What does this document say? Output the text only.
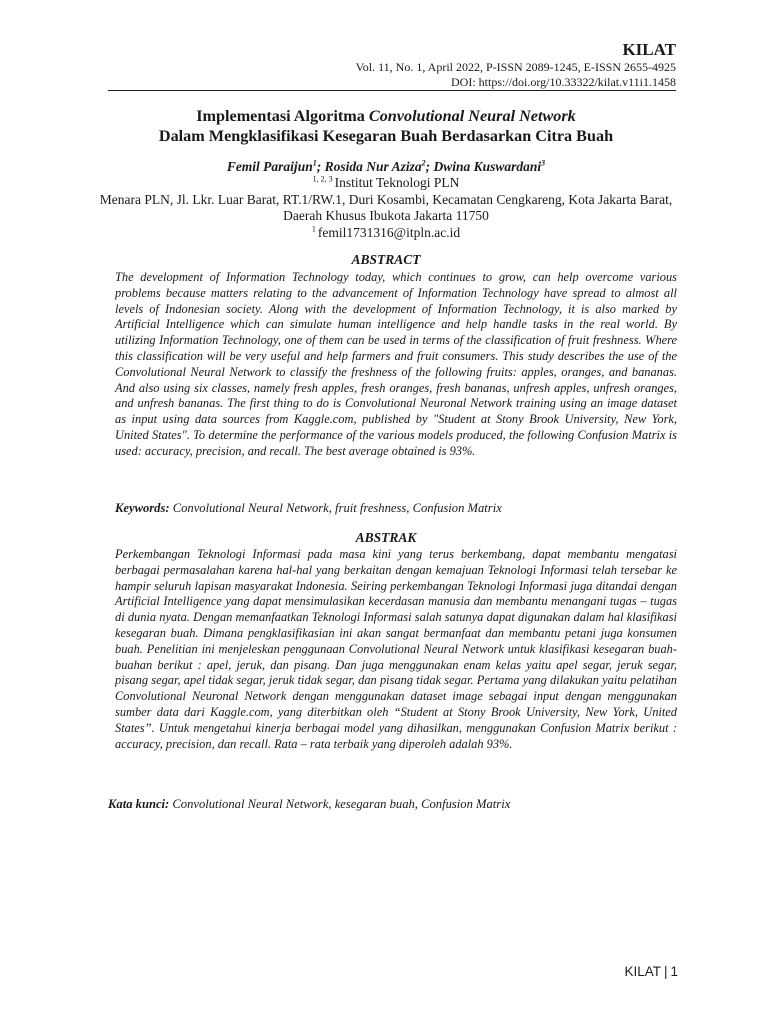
KILAT
Vol. 11, No. 1, April 2022, P-ISSN 2089-1245, E-ISSN 2655-4925
DOI: https://doi.org/10.33322/kilat.v11i1.1458
Implementasi Algoritma Convolutional Neural Network
Dalam Mengklasifikasi Kesegaran Buah Berdasarkan Citra Buah
Femil Paraijun$^1$; Rosida Nur Aziza$^2$; Dwina Kuswardani$^3$
$^{1, 2, 3}$ Institut Teknologi PLN
Menara PLN, Jl. Lkr. Luar Barat, RT.1/RW.1, Duri Kosambi, Kecamatan Cengkareng, Kota Jakarta Barat, Daerah Khusus Ibukota Jakarta 11750
$^1$ femil1731316@itpln.ac.id
ABSTRACT
The development of Information Technology today, which continues to grow, can help overcome various problems because matters relating to the advancement of Information Technology have spread to almost all levels of Indonesian society. Along with the development of Information Technology, it is also marked by Artificial Intelligence which can simulate human intelligence and help handle tasks in the real world. By utilizing Information Technology, one of them can be used in terms of the classification of fruit freshness. Where this classification will be very useful and help farmers and fruit consumers. This study describes the use of the Convolutional Neural Network to classify the freshness of the following fruits: apples, oranges, and bananas. And also using six classes, namely fresh apples, fresh oranges, fresh bananas, unfresh apples, unfresh oranges, and unfresh bananas. The first thing to do is Convolutional Neuronal Network training using an image dataset as input using data sources from Kaggle.com, published by "Student at Stony Brook University, New York, United States". To determine the performance of the various models produced, the following Confusion Matrix is used: accuracy, precision, and recall. The best average obtained is 93%.
Keywords: Convolutional Neural Network, fruit freshness, Confusion Matrix
ABSTRAK
Perkembangan Teknologi Informasi pada masa kini yang terus berkembang, dapat membantu mengatasi berbagai permasalahan karena hal-hal yang berkaitan dengan kemajuan Teknologi Informasi telah tersebar ke hampir seluruh lapisan masyarakat Indonesia. Seiring perkembangan Teknologi Informasi juga ditandai dengan Artificial Intelligence yang dapat mensimulasikan kecerdasan manusia dan membantu menangani tugas – tugas di dunia nyata. Dengan memanfaatkan Teknologi Informasi salah satunya dapat digunakan dalam hal klasifikasi kesegaran buah. Dimana pengklasifikasian ini akan sangat bermanfaat dan membantu petani juga konsumen buah. Penelitian ini menjeleskan penggunaan Convolutional Neural Network untuk klasifikasi kesegaran buah-buahan berikut : apel, jeruk, dan pisang. Dan juga menggunakan enam kelas yaitu apel segar, jeruk segar, pisang segar, apel tidak segar, jeruk tidak segar, dan pisang tidak segar. Pertama yang dilakukan yaitu pelatihan Convolutional Neuronal Network dengan menggunakan dataset image sebagai input dengan menggunakan sumber data dari Kaggle.com, yang diterbitkan oleh “Student at Stony Brook University, New York, United States”. Untuk mengetahui kinerja berbagai model yang dihasilkan, menggunakan Confusion Matrix berikut : accuracy, precision, dan recall. Rata – rata terbaik yang diperoleh adalah 93%.
Kata kunci: Convolutional Neural Network, kesegaran buah, Confusion Matrix
KILAT | 1
